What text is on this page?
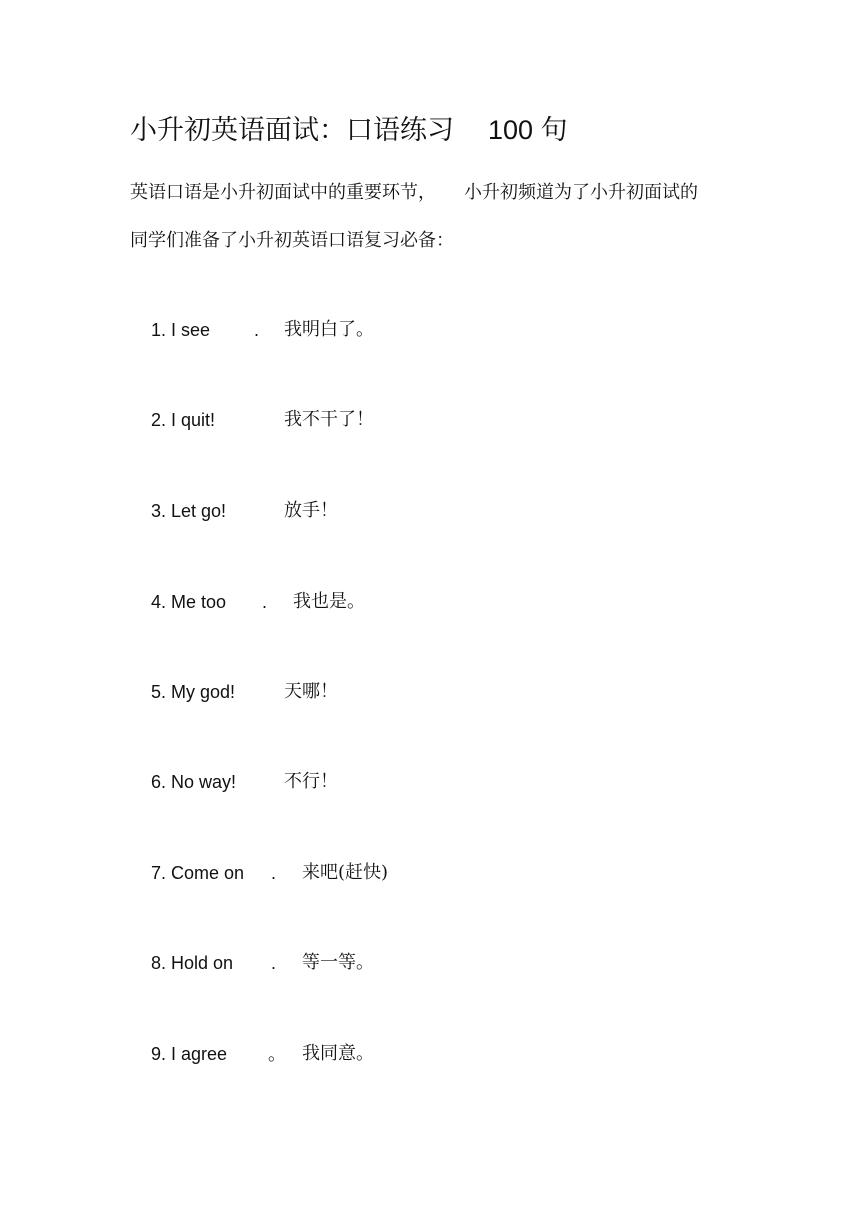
小升初英语面试：口语练习 100 句
英语口语是小升初面试中的重要环节， 小升初频道为了小升初面试的
同学们准备了小升初英语口语复习必备：
1. I see . 我明白了。
2. I quit!	我不干了！
3. Let go!	放手！
4. Me too . 我也是。
5. My god!	天哪！
6. No way!	不行！
7. Come on . 来吧(赶快)
8. Hold on . 等一等。
9. I agree 。 我同意。
